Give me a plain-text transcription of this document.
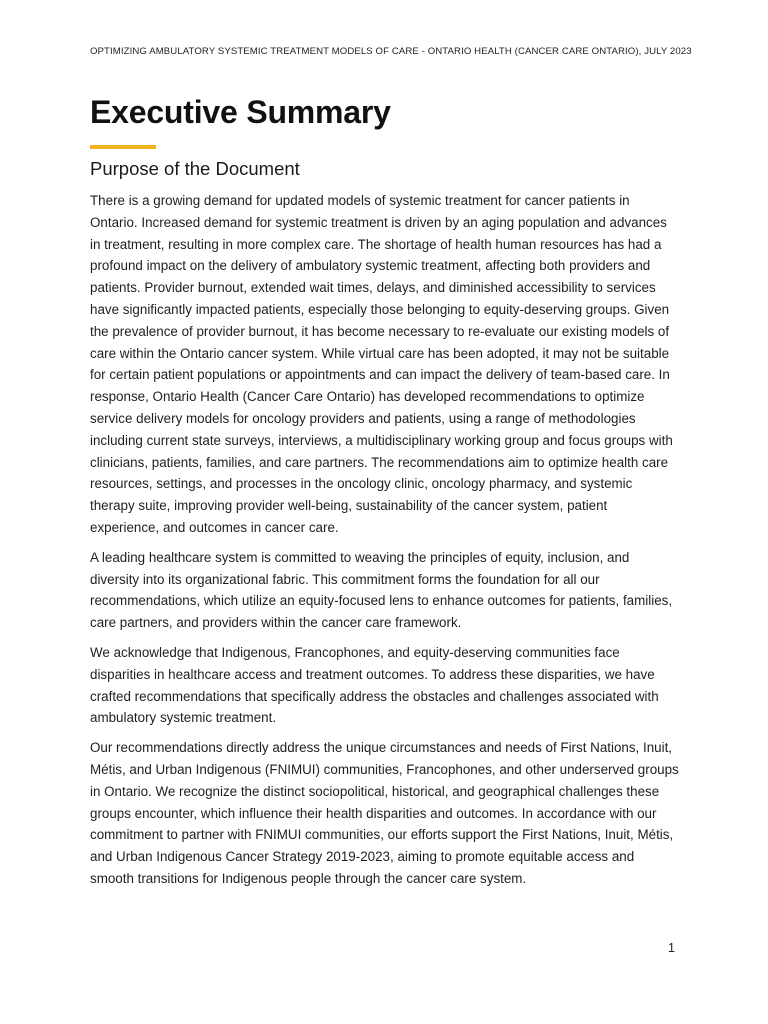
OPTIMIZING AMBULATORY SYSTEMIC TREATMENT MODELS OF CARE - ONTARIO HEALTH (CANCER CARE ONTARIO), JULY 2023
Executive Summary
Purpose of the Document

There is a growing demand for updated models of systemic treatment for cancer patients in Ontario. Increased demand for systemic treatment is driven by an aging population and advances in treatment, resulting in more complex care. The shortage of health human resources has had a profound impact on the delivery of ambulatory systemic treatment, affecting both providers and patients. Provider burnout, extended wait times, delays, and diminished accessibility to services have significantly impacted patients, especially those belonging to equity-deserving groups. Given the prevalence of provider burnout, it has become necessary to re-evaluate our existing models of care within the Ontario cancer system. While virtual care has been adopted, it may not be suitable for certain patient populations or appointments and can impact the delivery of team-based care. In response, Ontario Health (Cancer Care Ontario) has developed recommendations to optimize service delivery models for oncology providers and patients, using a range of methodologies including current state surveys, interviews, a multidisciplinary working group and focus groups with clinicians, patients, families, and care partners. The recommendations aim to optimize health care resources, settings, and processes in the oncology clinic, oncology pharmacy, and systemic therapy suite, improving provider well-being, sustainability of the cancer system, patient experience, and outcomes in cancer care.

A leading healthcare system is committed to weaving the principles of equity, inclusion, and diversity into its organizational fabric. This commitment forms the foundation for all our recommendations, which utilize an equity-focused lens to enhance outcomes for patients, families, care partners, and providers within the cancer care framework.

We acknowledge that Indigenous, Francophones, and equity-deserving communities face disparities in healthcare access and treatment outcomes. To address these disparities, we have crafted recommendations that specifically address the obstacles and challenges associated with ambulatory systemic treatment.

Our recommendations directly address the unique circumstances and needs of First Nations, Inuit, Métis, and Urban Indigenous (FNIMUI) communities, Francophones, and other underserved groups in Ontario. We recognize the distinct sociopolitical, historical, and geographical challenges these groups encounter, which influence their health disparities and outcomes. In accordance with our commitment to partner with FNIMUI communities, our efforts support the First Nations, Inuit, Métis, and Urban Indigenous Cancer Strategy 2019-2023, aiming to promote equitable access and smooth transitions for Indigenous people through the cancer care system.

1
